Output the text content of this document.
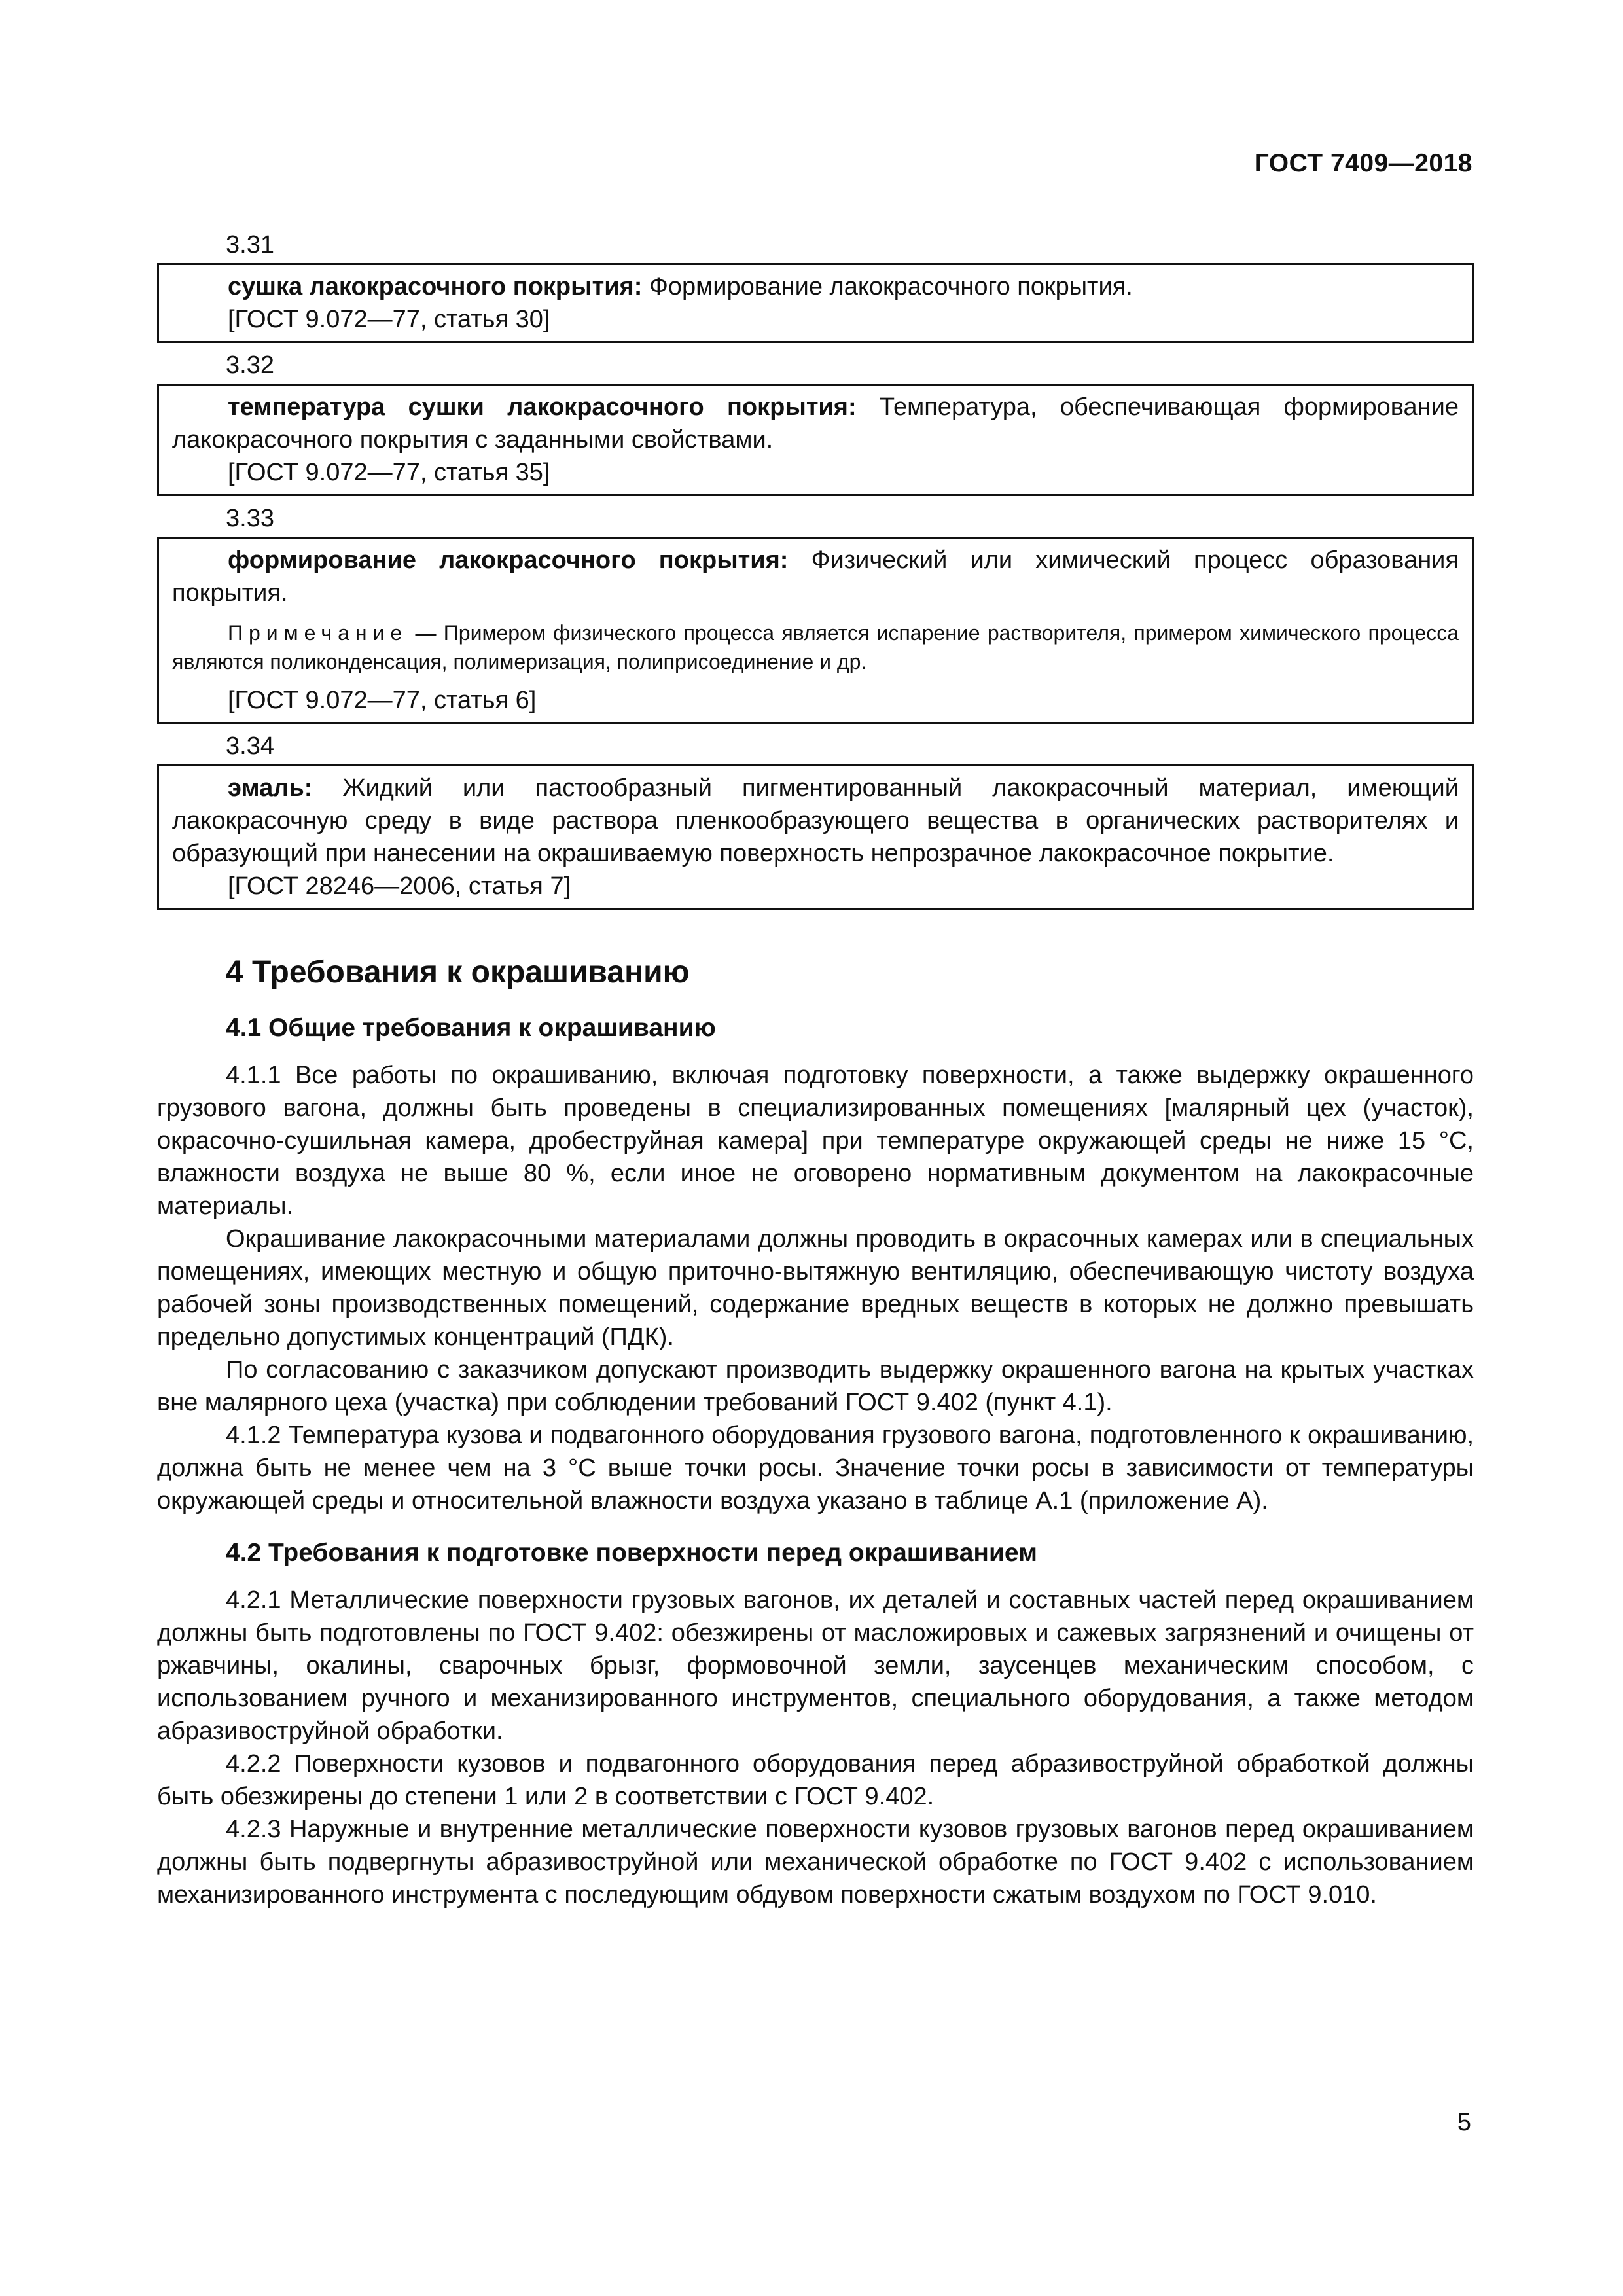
ГОСТ 7409—2018
3.31

сушка лакокрасочного покрытия: Формирование лакокрасочного покрытия.

[ГОСТ 9.072—77, статья 30]

3.32

температура сушки лакокрасочного покрытия: Температура, обеспечивающая формирование лакокрасочного покрытия с заданными свойствами.

[ГОСТ 9.072—77, статья 35]

3.33

формирование лакокрасочного покрытия: Физический или химический процесс образования покрытия.

Примечание — Примером физического процесса является испарение растворителя, примером химического процесса являются поликонденсация, полимеризация, полиприсоединение и др.

[ГОСТ 9.072—77, статья 6]

3.34

эмаль: Жидкий или пастообразный пигментированный лакокрасочный материал, имеющий лакокрасочную среду в виде раствора пленкообразующего вещества в органических растворителях и образующий при нанесении на окрашиваемую поверхность непрозрачное лакокрасочное покрытие.

[ГОСТ 28246—2006, статья 7]

4 Требования к окрашиванию
4.1 Общие требования к окрашиванию

4.1.1 Все работы по окрашиванию, включая подготовку поверхности, а также выдержку окрашенного грузового вагона, должны быть проведены в специализированных помещениях [малярный цех (участок), окрасочно-сушильная камера, дробеструйная камера] при температуре окружающей среды не ниже 15 °C, влажности воздуха не выше 80 %, если иное не оговорено нормативным документом на лакокрасочные материалы.

Окрашивание лакокрасочными материалами должны проводить в окрасочных камерах или в специальных помещениях, имеющих местную и общую приточно-вытяжную вентиляцию, обеспечивающую чистоту воздуха рабочей зоны производственных помещений, содержание вредных веществ в которых не должно превышать предельно допустимых концентраций (ПДК).

По согласованию с заказчиком допускают производить выдержку окрашенного вагона на крытых участках вне малярного цеха (участка) при соблюдении требований ГОСТ 9.402 (пункт 4.1).

4.1.2 Температура кузова и подвагонного оборудования грузового вагона, подготовленного к окрашиванию, должна быть не менее чем на 3 °C выше точки росы. Значение точки росы в зависимости от температуры окружающей среды и относительной влажности воздуха указано в таблице А.1 (приложение А).

4.2 Требования к подготовке поверхности перед окрашиванием

4.2.1 Металлические поверхности грузовых вагонов, их деталей и составных частей перед окрашиванием должны быть подготовлены по ГОСТ 9.402: обезжирены от масложировых и сажевых загрязнений и очищены от ржавчины, окалины, сварочных брызг, формовочной земли, заусенцев механическим способом, с использованием ручного и механизированного инструментов, специального оборудования, а также методом абразивоструйной обработки.

4.2.2 Поверхности кузовов и подвагонного оборудования перед абразивоструйной обработкой должны быть обезжирены до степени 1 или 2 в соответствии с ГОСТ 9.402.

4.2.3 Наружные и внутренние металлические поверхности кузовов грузовых вагонов перед окрашиванием должны быть подвергнуты абразивоструйной или механической обработке по ГОСТ 9.402 с использованием механизированного инструмента с последующим обдувом поверхности сжатым воздухом по ГОСТ 9.010.

5
